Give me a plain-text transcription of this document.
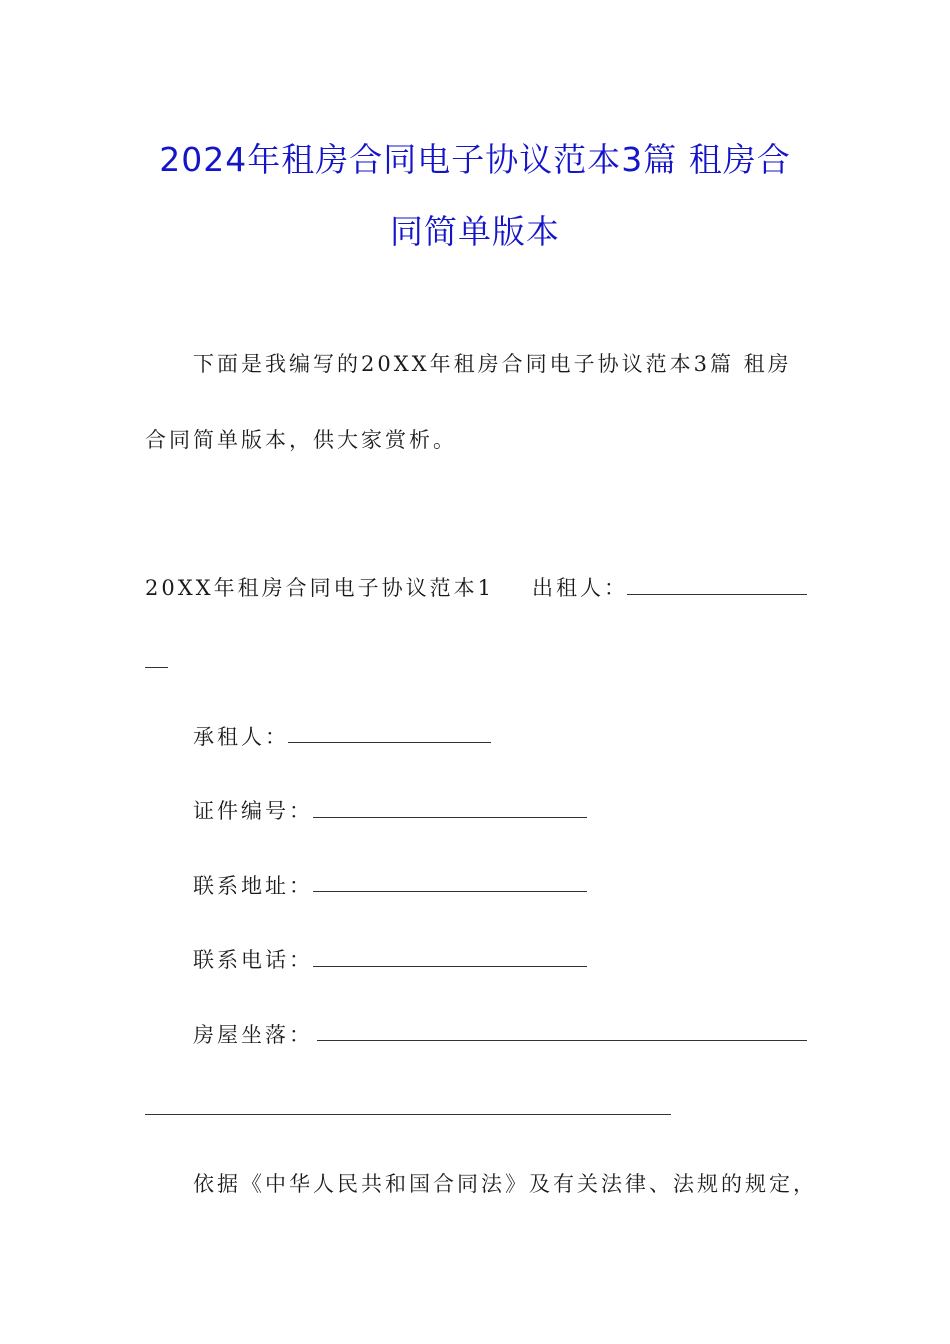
2024年租房合同电子协议范本3篇 租房合
同简单版本
下面是我编写的20XX年租房合同电子协议范本3篇 租房
合同简单版本，供大家赏析。
20XX年租房合同电子协议范本1 出租人：
承租人：
证件编号：
联系地址：
联系电话：
房屋坐落：
依据《中华人民共和国合同法》及有关法律、法规的规定，
